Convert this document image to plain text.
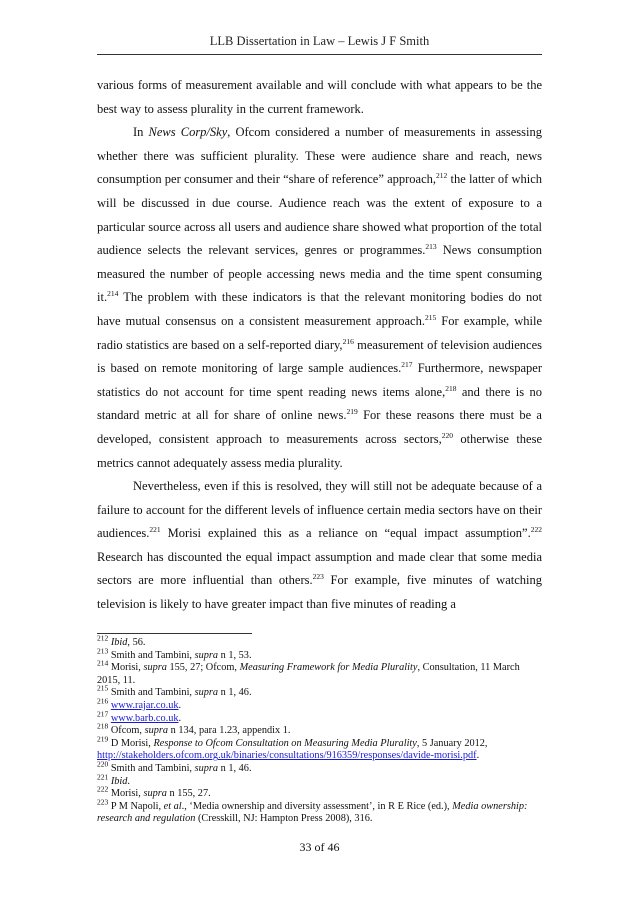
LLB Dissertation in Law – Lewis J F Smith

various forms of measurement available and will conclude with what appears to be the best way to assess plurality in the current framework.

In News Corp/Sky, Ofcom considered a number of measurements in assessing whether there was sufficient plurality. These were audience share and reach, news consumption per consumer and their “share of reference” approach,$^{212}$ the latter of which will be discussed in due course. Audience reach was the extent of exposure to a particular source across all users and audience share showed what proportion of the total audience selects the relevant services, genres or programmes.$^{213}$ News consumption measured the number of people accessing news media and the time spent consuming it.$^{214}$ The problem with these indicators is that the relevant monitoring bodies do not have mutual consensus on a consistent measurement approach.$^{215}$ For example, while radio statistics are based on a self-reported diary,$^{216}$ measurement of television audiences is based on remote monitoring of large sample audiences.$^{217}$ Furthermore, newspaper statistics do not account for time spent reading news items alone,$^{218}$ and there is no standard metric at all for share of online news.$^{219}$ For these reasons there must be a developed, consistent approach to measurements across sectors,$^{220}$ otherwise these metrics cannot adequately assess media plurality.

Nevertheless, even if this is resolved, they will still not be adequate because of a failure to account for the different levels of influence certain media sectors have on their audiences.$^{221}$ Morisi explained this as a reliance on “equal impact assumption”.$^{222}$ Research has discounted the equal impact assumption and made clear that some media sectors are more influential than others.$^{223}$ For example, five minutes of watching television is likely to have greater impact than five minutes of reading a

$^{212}$ Ibid, 56.

$^{213}$ Smith and Tambini, supra n 1, 53.

$^{214}$ Morisi, supra 155, 27; Ofcom, Measuring Framework for Media Plurality, Consultation, 11 March 2015, 11.

$^{215}$ Smith and Tambini, supra n 1, 46.

$^{216}$ www.rajar.co.uk.

$^{217}$ www.barb.co.uk.

$^{218}$ Ofcom, supra n 134, para 1.23, appendix 1.

$^{219}$ D Morisi, Response to Ofcom Consultation on Measuring Media Plurality, 5 January 2012,
http://stakeholders.ofcom.org.uk/binaries/consultations/916359/responses/davide-morisi.pdf.

$^{220}$ Smith and Tambini, supra n 1, 46.

$^{221}$ Ibid.

$^{222}$ Morisi, supra n 155, 27.

$^{223}$ P M Napoli, et al., ‘Media ownership and diversity assessment’, in R E Rice (ed.), Media ownership: research and regulation (Cresskill, NJ: Hampton Press 2008), 316.

33 of 46
